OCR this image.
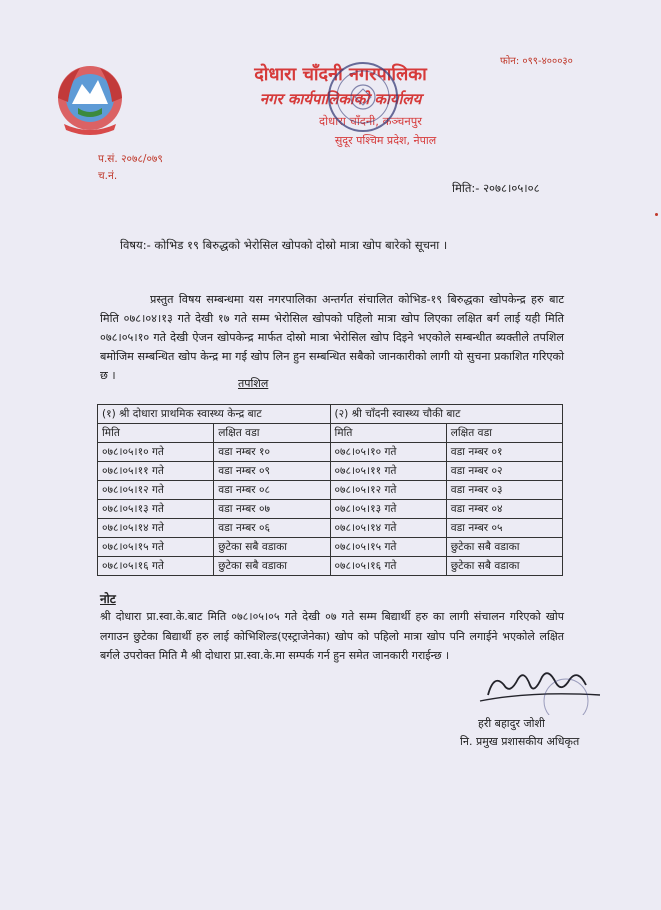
फोन: ०९९-४०००३०
दोधारा चाँदनी नगरपालिका
नगर कार्यपालिकाको कार्यालय
दोधारा चाँदनी, कञ्चनपुर
सुदूर पश्चिम प्रदेश, नेपाल
प.सं. २०७८/०७९
च.नं.
मिति:- २०७८।०५।०८
विषय:- कोभिड १९ बिरुद्धको भेरोसिल खोपको दोस्रो मात्रा खोप बारेको सूचना ।
प्रस्तुत विषय सम्बन्धमा यस नगरपालिका अन्तर्गत संचालित कोभिड-१९ बिरुद्धका खोपकेन्द्र हरु बाट मिति ०७८।०४।१३ गते देखी १७ गते सम्म भेरोसिल खोपको पहिलो मात्रा खोप लिएका लक्षित बर्ग लाई यही मिति ०७८।०५।१० गते देखी ऐजन खोपकेन्द्र मार्फत दोस्रो मात्रा भेरोसिल खोप दिइने भएकोले सम्बन्धीत ब्यक्तीले तपशिल बमोजिम सम्बन्धित खोप केन्द्र मा गई खोप लिन हुन सम्बन्धित सबैको जानकारीको लागी यो सुचना प्रकाशित गरिएको छ ।
तपशिल
(१) श्री दोधारा प्राथमिक स्वास्थ्य केन्द्र बाट		(२) श्री चाँदनी स्वास्थ्य चौकी बाट	
मिति	लक्षित वडा	मिति	लक्षित वडा
०७८।०५।१० गते	वडा नम्बर १०	०७८।०५।१० गते	वडा नम्बर ०१
०७८।०५।११ गते	वडा नम्बर ०९	०७८।०५।११ गते	वडा नम्बर ०२
०७८।०५।१२ गते	वडा नम्बर ०८	०७८।०५।१२ गते	वडा नम्बर ०३
०७८।०५।१३ गते	वडा नम्बर ०७	०७८।०५।१३ गते	वडा नम्बर ०४
०७८।०५।१४ गते	वडा नम्बर ०६	०७८।०५।१४ गते	वडा नम्बर ०५
०७८।०५।१५ गते	छुटेका सबै वडाका	०७८।०५।१५ गते	छुटेका सबै वडाका
०७८।०५।१६ गते	छुटेका सबै वडाका	०७८।०५।१६ गते	छुटेका सबै वडाका
नोट
श्री दोधारा प्रा.स्वा.के.बाट मिति ०७८।०५।०५ गते देखी ०७ गते सम्म बिद्यार्थी हरु का लागी संचालन गरिएको खोप लगाउन छुटेका बिद्यार्थी हरु लाई कोभिशिल्ड(एस्ट्राजेनेका) खोप को पहिलो मात्रा खोप पनि लगाईने भएकोले लक्षित बर्गले उपरोक्त मिति मै श्री दोधारा प्रा.स्वा.के.मा सम्पर्क गर्न हुन समेत जानकारी गराईन्छ ।
हरी बहादुर जोशी
नि. प्रमुख प्रशासकीय अधिकृत
